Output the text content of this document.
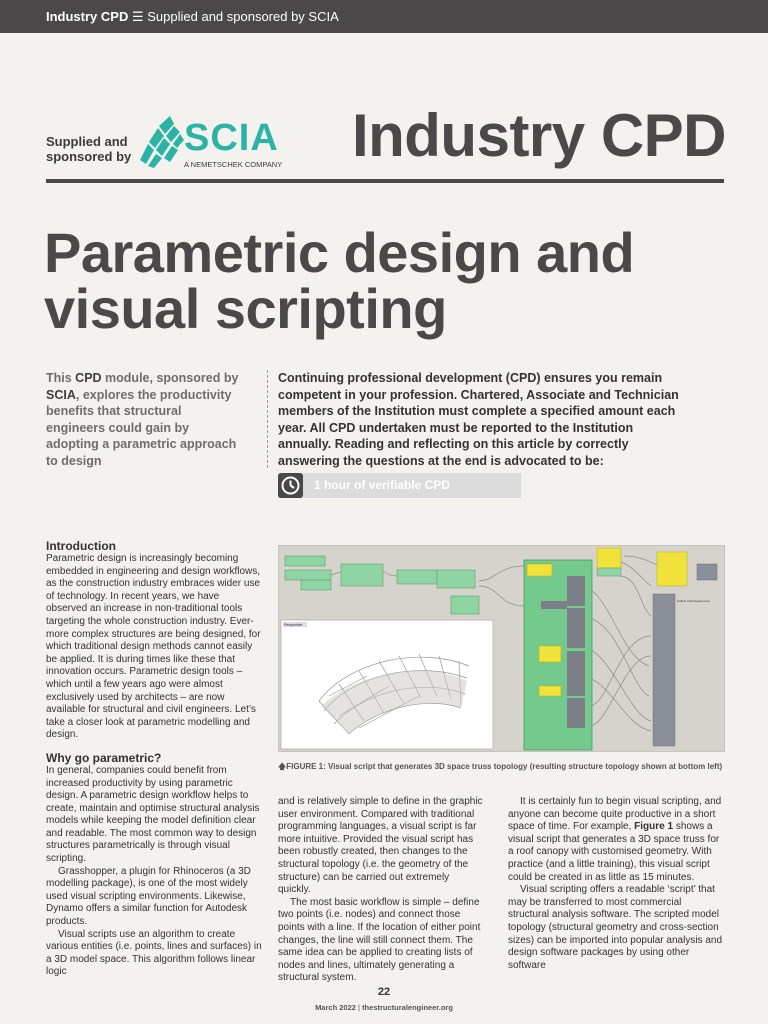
Industry CPD ☰ Supplied and sponsored by SCIA
Supplied and
sponsored by SCIA
A NEMETSCHEK COMPANY Industry CPD
Parametric design and
visual scripting
This CPD module, sponsored by SCIA, explores the productivity benefits that structural engineers could gain by adopting a parametric approach to design
Continuing professional development (CPD) ensures you remain competent in your profession. Chartered, Associate and Technician members of the Institution must complete a specified amount each year. All CPD undertaken must be reported to the Institution annually. Reading and reflecting on this article by correctly answering the questions at the end is advocated to be:
1 hour of verifiable CPD
Introduction

Parametric design is increasingly becoming embedded in engineering and design workflows, as the construction industry embraces wider use of technology. In recent years, we have observed an increase in non-traditional tools targeting the whole construction industry. Ever-more complex structures are being designed, for which traditional design methods cannot easily be applied. It is during times like these that innovation occurs. Parametric design tools – which until a few years ago were almost exclusively used by architects – are now available for structural and civil engineers. Let’s take a closer look at parametric modelling and design.

Why go parametric?

In general, companies could benefit from increased productivity by using parametric design. A parametric design workflow helps to create, maintain and optimise structural analysis models while keeping the model definition clear and readable. The most common way to design structures parametrically is through visual scripting.

Grasshopper, a plugin for Rhinoceros (a 3D modelling package), is one of the most widely used visual scripting environments. Likewise, Dynamo offers a similar function for Autodesk products.

Visual scripts use an algorithm to create various entities (i.e. points, lines and surfaces) in a 3D model space. This algorithm follows linear logic

Hollow circle/space truss
Perspective
🡅FIGURE 1: Visual script that generates 3D space truss topology (resulting structure topology shown at bottom left)

and is relatively simple to define in the graphic user environment. Compared with traditional programming languages, a visual script is far more intuitive. Provided the visual script has been robustly created, then changes to the structural topology (i.e. the geometry of the structure) can be carried out extremely quickly.

The most basic workflow is simple – define two points (i.e. nodes) and connect those points with a line. If the location of either point changes, the line will still connect them. The same idea can be applied to creating lists of nodes and lines, ultimately generating a structural system.

It is certainly fun to begin visual scripting, and anyone can become quite productive in a short space of time. For example, Figure 1 shows a visual script that generates a 3D space truss for a roof canopy with customised geometry. With practice (and a little training), this visual script could be created in as little as 15 minutes.

Visual scripting offers a readable ‘script’ that may be transferred to most commercial structural analysis software. The scripted model topology (structural geometry and cross-section sizes) can be imported into popular analysis and design software packages by using other software

22
March 2022 | thestructuralengineer.org
